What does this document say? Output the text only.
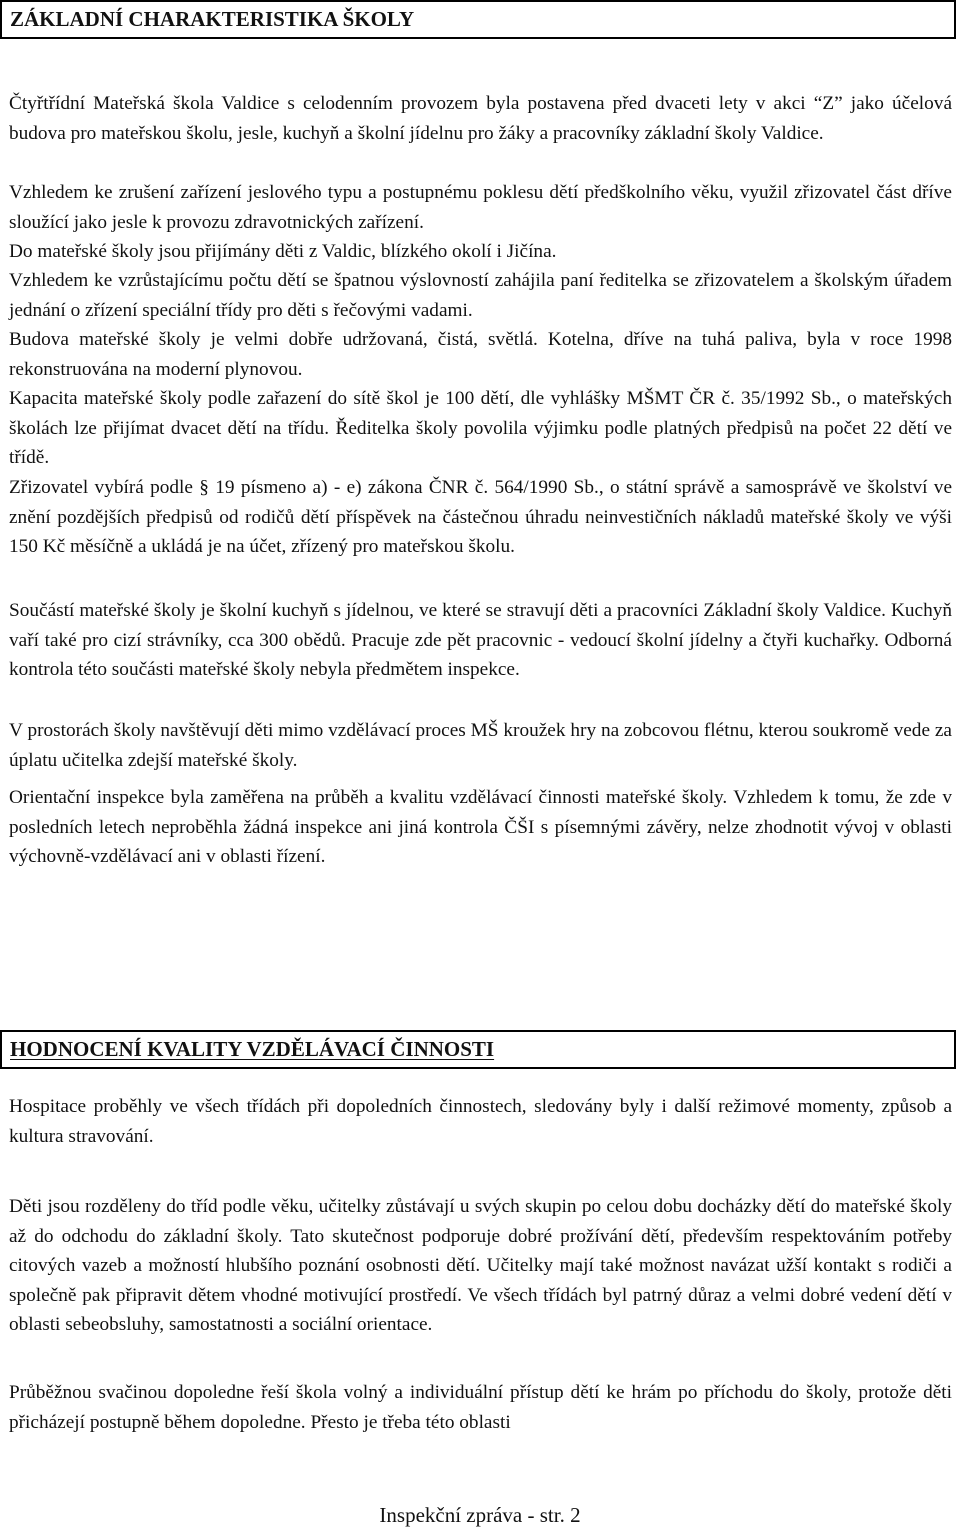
ZÁKLADNÍ CHARAKTERISTIKA ŠKOLY

Čtyřtřídní Mateřská škola Valdice s celodenním provozem byla postavena před dvaceti lety v akci “Z” jako účelová budova pro mateřskou školu, jesle, kuchyň a školní jídelnu pro žáky a pracovníky základní školy Valdice.

Vzhledem ke zrušení zařízení jeslového typu a postupnému poklesu dětí předškolního věku, využil zřizovatel část dříve sloužící jako jesle k provozu zdravotnických zařízení.

Do mateřské školy jsou přijímány děti z Valdic, blízkého okolí i Jičína.

Vzhledem ke vzrůstajícímu počtu dětí se špatnou výslovností zahájila paní ředitelka se zřizovatelem a školským úřadem jednání o zřízení speciální třídy pro děti s řečovými vadami.

Budova mateřské školy je velmi dobře udržovaná, čistá, světlá. Kotelna, dříve na tuhá paliva, byla v roce 1998 rekonstruována na moderní plynovou.

Kapacita mateřské školy podle zařazení do sítě škol je 100 dětí, dle vyhlášky MŠMT ČR č. 35/1992 Sb., o mateřských školách lze přijímat dvacet dětí na třídu. Ředitelka školy povolila výjimku podle platných předpisů na počet 22 dětí ve třídě.

Zřizovatel vybírá podle § 19 písmeno a) - e) zákona ČNR č. 564/1990 Sb., o státní správě a samosprávě ve školství ve znění pozdějších předpisů od rodičů dětí příspěvek na částečnou úhradu neinvestičních nákladů mateřské školy ve výši 150 Kč měsíčně a ukládá je na účet, zřízený pro mateřskou školu.

Součástí mateřské školy je školní kuchyň s jídelnou, ve které se stravují děti a pracovníci Základní školy Valdice. Kuchyň vaří také pro cizí strávníky, cca 300 obědů. Pracuje zde pět pracovnic - vedoucí školní jídelny a čtyři kuchařky. Odborná kontrola této součásti mateřské školy nebyla předmětem inspekce.

V prostorách školy navštěvují děti mimo vzdělávací proces MŠ kroužek hry na zobcovou flétnu, kterou soukromě vede za úplatu učitelka zdejší mateřské školy.

Orientační inspekce byla zaměřena na průběh a kvalitu vzdělávací činnosti mateřské školy. Vzhledem k tomu, že zde v posledních letech neproběhla žádná inspekce ani jiná kontrola ČŠI s písemnými závěry, nelze zhodnotit vývoj v oblasti výchovně-vzdělávací ani v oblasti řízení.

HODNOCENÍ KVALITY VZDĚLÁVACÍ ČINNOSTI

Hospitace proběhly ve všech třídách při dopoledních činnostech, sledovány byly i další režimové momenty, způsob a kultura stravování.

Děti jsou rozděleny do tříd podle věku, učitelky zůstávají u svých skupin po celou dobu docházky dětí do mateřské školy až do odchodu do základní školy. Tato skutečnost podporuje dobré prožívání dětí, především respektováním potřeby citových vazeb a možností hlubšího poznání osobnosti dětí. Učitelky mají také možnost navázat užší kontakt s rodiči a společně pak připravit dětem vhodné motivující prostředí. Ve všech třídách byl patrný důraz a velmi dobré vedení dětí v oblasti sebeobsluhy, samostatnosti a sociální orientace.

Průběžnou svačinou dopoledne řeší škola volný a individuální přístup dětí ke hrám po příchodu do školy, protože děti přicházejí postupně během dopoledne. Přesto je třeba této oblasti

Inspekční zpráva - str. 2
